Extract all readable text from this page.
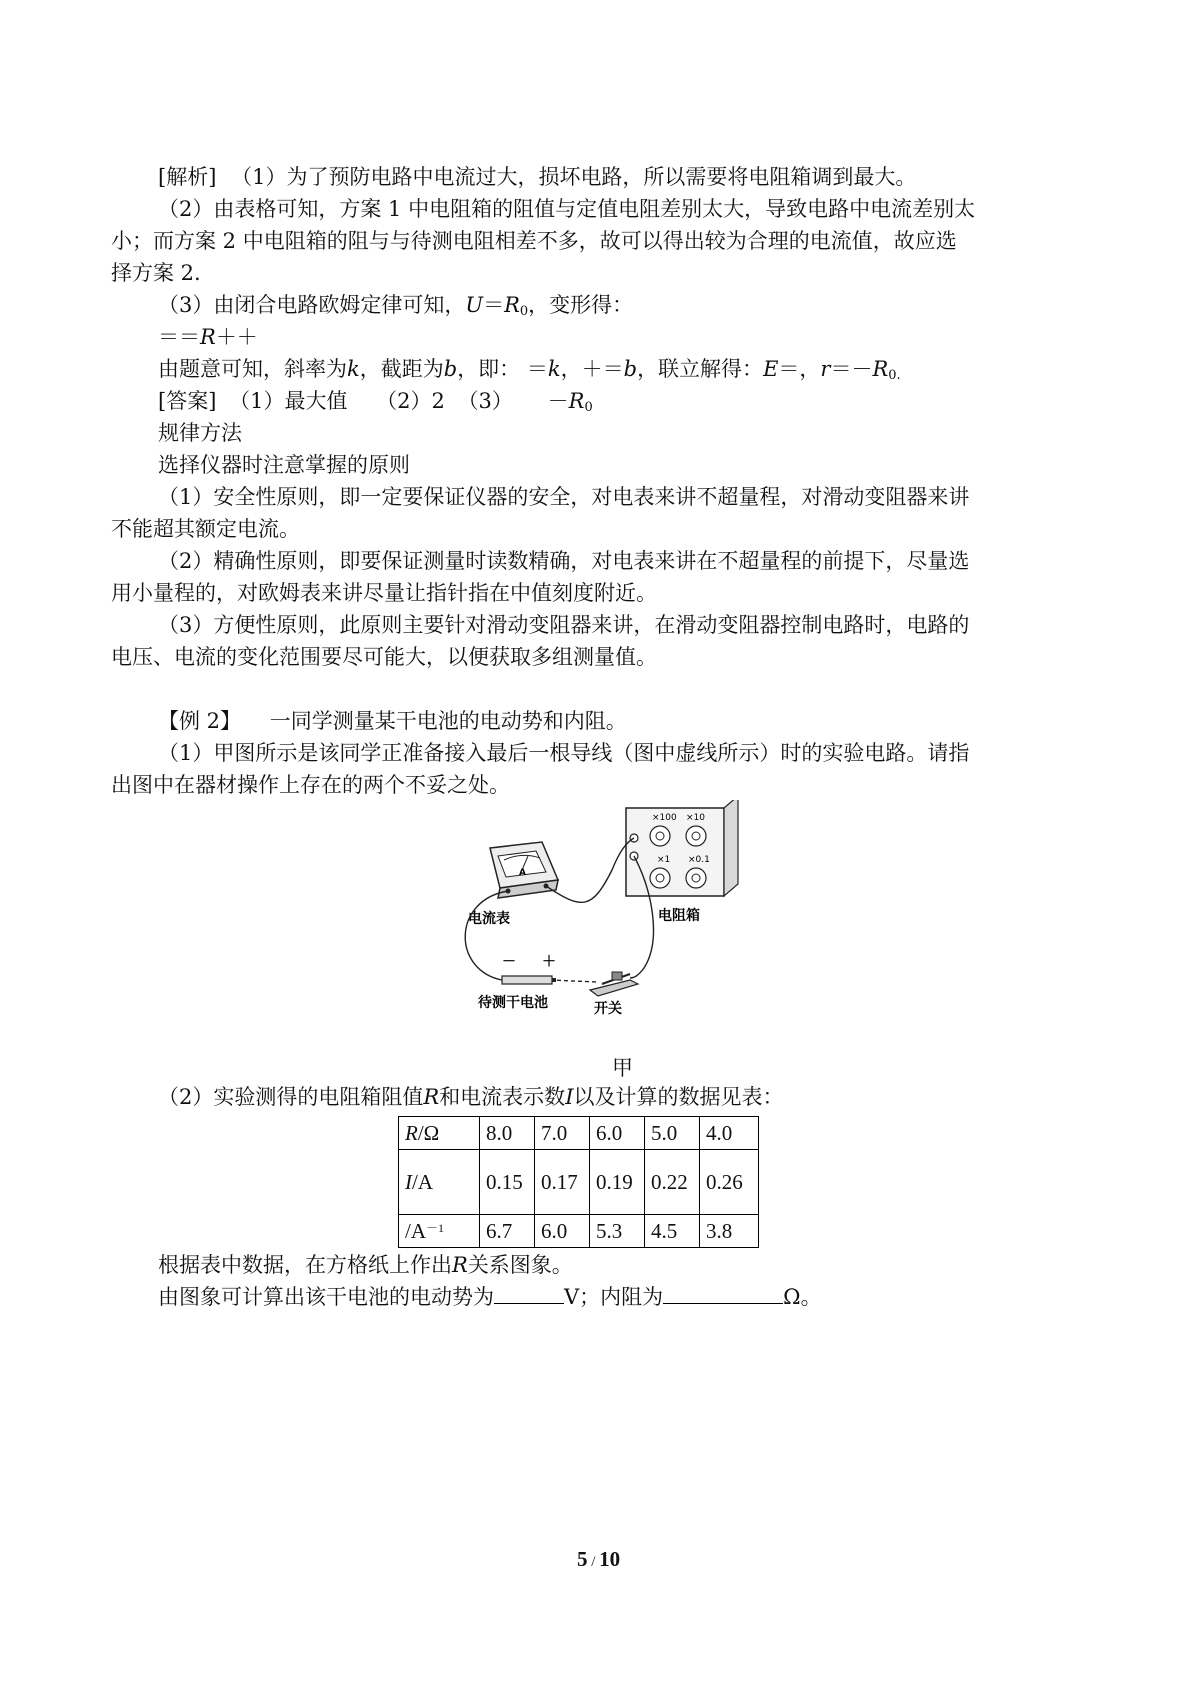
[解析] （1）为了预防电路中电流过大，损坏电路，所以需要将电阻箱调到最大。
（2）由表格可知，方案 1 中电阻箱的阻值与定值电阻差别太大，导致电路中电流差别太
小；而方案 2 中电阻箱的阻与与待测电阻相差不多，故可以得出较为合理的电流值，故应选
择方案 2.
（3）由闭合电路欧姆定律可知，$U=R_0$，变形得：
＝＝R＋＋
由题意可知，斜率为k，截距为b，即： ＝k，＋＝b，联立解得：E＝，$r=-R_{0.}$
[答案] （1）最大值 （2）2 $(3) -R_0$
规律方法
选择仪器时注意掌握的原则
（1）安全性原则，即一定要保证仪器的安全，对电表来讲不超量程，对滑动变阻器来讲
不能超其额定电流。
（2）精确性原则，即要保证测量时读数精确，对电表来讲在不超量程的前提下，尽量选
用小量程的，对欧姆表来讲尽量让指针指在中值刻度附近。
（3）方便性原则，此原则主要针对滑动变阻器来讲，在滑动变阻器控制电路时，电路的
电压、电流的变化范围要尽可能大，以便获取多组测量值。
【例 2】 一同学测量某干电池的电动势和内阻。
（1）甲图所示是该同学正准备接入最后一根导线（图中虚线所示）时的实验电路。请指
出图中在器材操作上存在的两个不妥之处。
A
电流表
×100 ×10
×1 ×0.1
电阻箱
－ ＋
待测干电池	开关
甲
（2）实验测得的电阻箱阻值R和电流表示数I以及计算的数据见表：
R/Ω	8.0	7.0	6.0	5.0	4.0
I/A	0.15	0.17	0.19	0.22	0.26
$/A^{-1}$	6.7	6.0	5.3	4.5	3.8
根据表中数据，在方格纸上作出R关系图象。
由图象可计算出该干电池的电动势为	V；内阻为	Ω。
5 / 10
